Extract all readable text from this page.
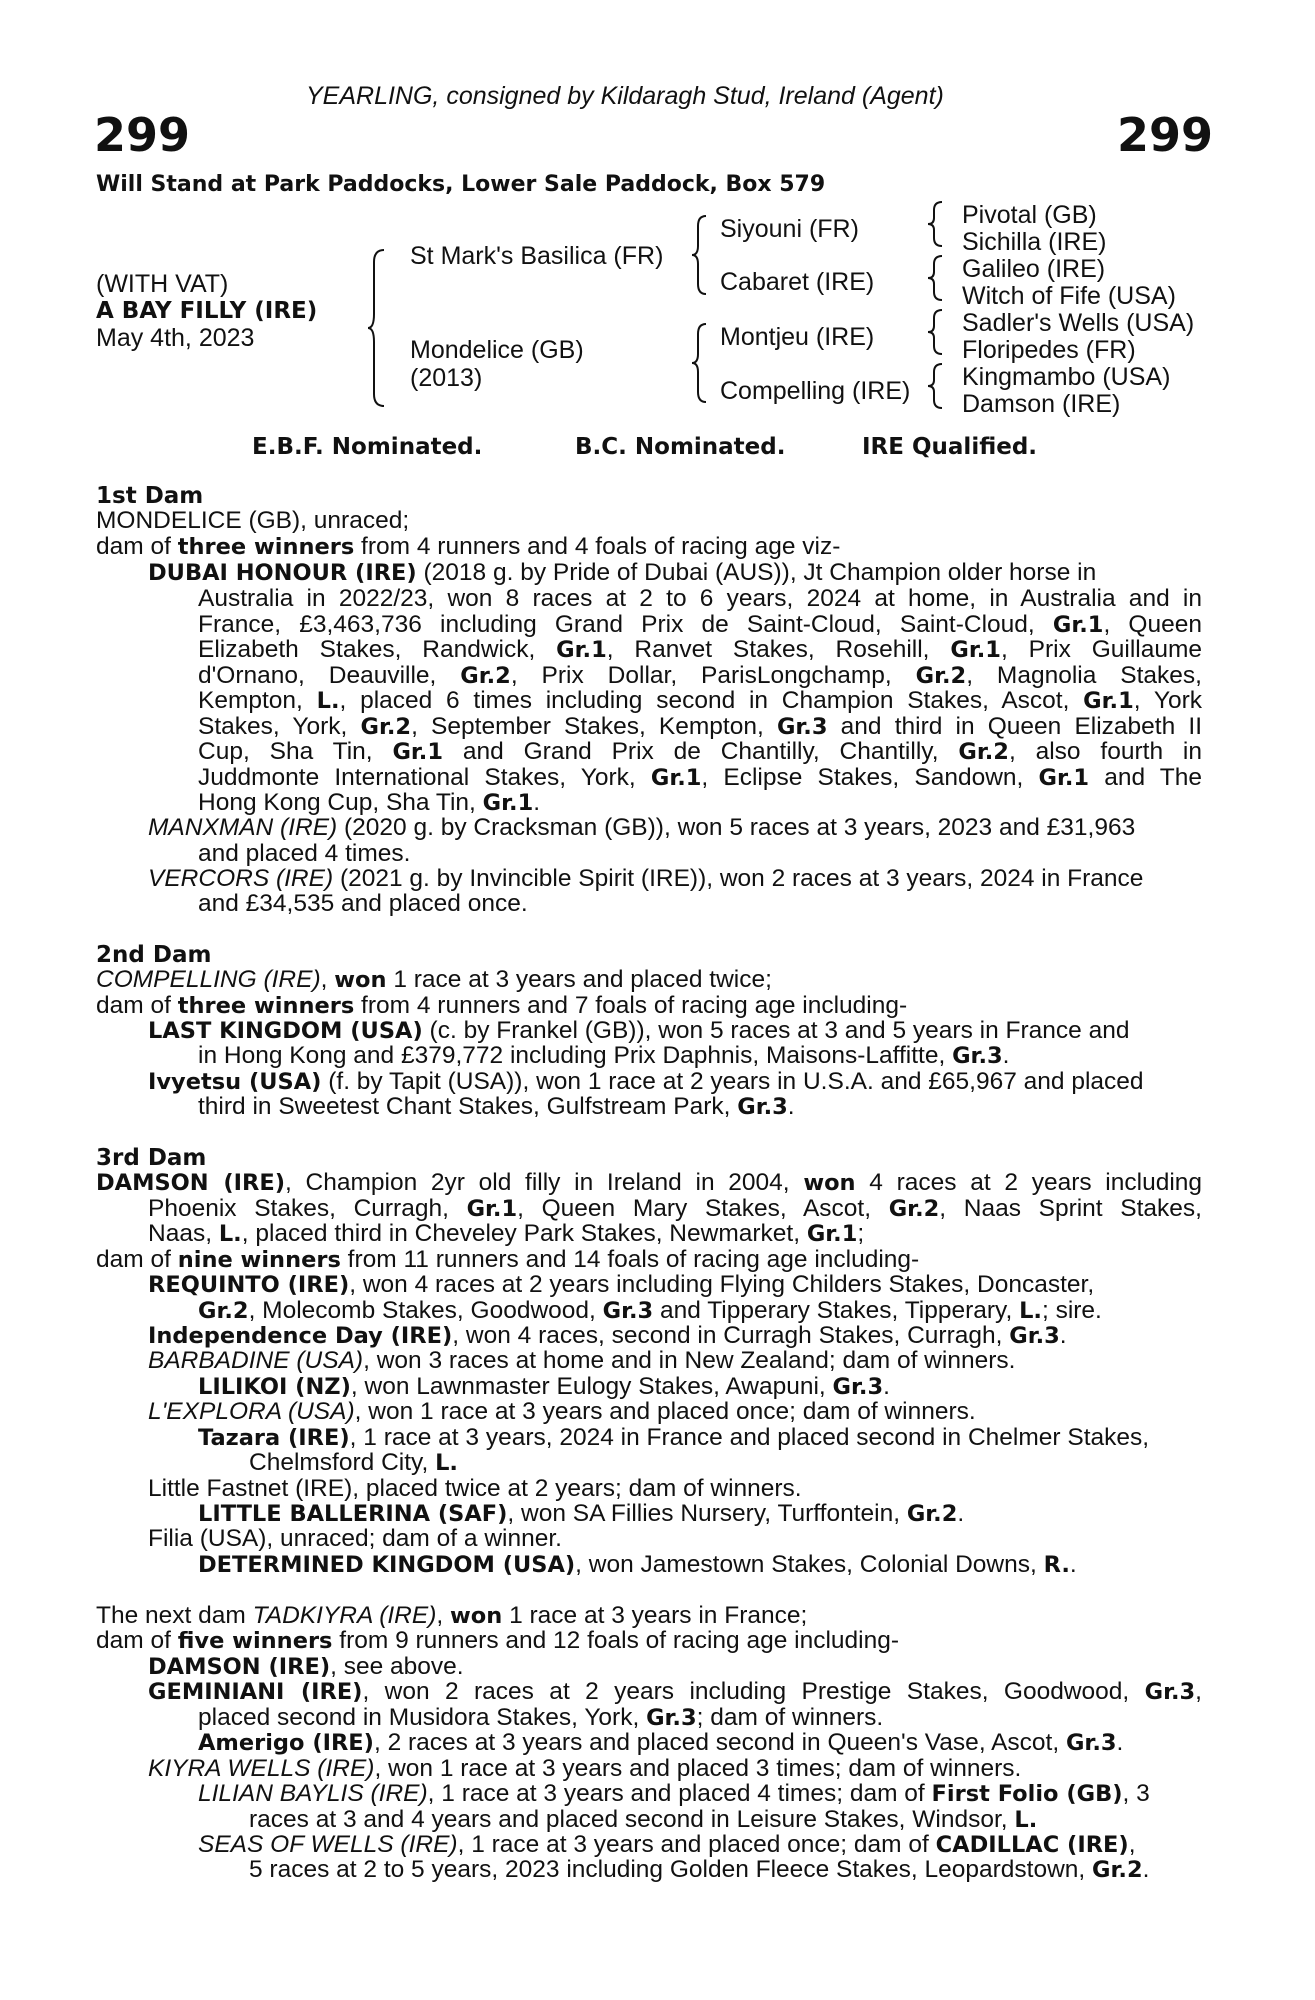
YEARLING, consigned by Kildaragh Stud, Ireland (Agent)
299	299
Will Stand at Park Paddocks, Lower Sale Paddock, Box 579
(WITH VAT)
A BAY FILLY (IRE)
May 4th, 2023
St Mark's Basilica (FR)
Mondelice (GB)
(2013)
Siyouni (FR)
Cabaret (IRE)
Montjeu (IRE)
Compelling (IRE)
Pivotal (GB)
Sichilla (IRE)
Galileo (IRE)
Witch of Fife (USA)
Sadler's Wells (USA)
Floripedes (FR)
Kingmambo (USA)
Damson (IRE)
E.B.F. Nominated.	B.C. Nominated.	IRE Qualified.
1st Dam
MONDELICE (GB), unraced;
dam of three winners from 4 runners and 4 foals of racing age viz-
DUBAI HONOUR (IRE) (2018 g. by Pride of Dubai (AUS)), Jt Champion older horse in
Australia in 2022/23, won 8 races at 2 to 6 years, 2024 at home, in Australia and in
France, £3,463,736 including Grand Prix de Saint-Cloud, Saint-Cloud, Gr.1, Queen
Elizabeth Stakes, Randwick, Gr.1, Ranvet Stakes, Rosehill, Gr.1, Prix Guillaume
d'Ornano, Deauville, Gr.2, Prix Dollar, ParisLongchamp, Gr.2, Magnolia Stakes,
Kempton, L., placed 6 times including second in Champion Stakes, Ascot, Gr.1, York
Stakes, York, Gr.2, September Stakes, Kempton, Gr.3 and third in Queen Elizabeth II
Cup, Sha Tin, Gr.1 and Grand Prix de Chantilly, Chantilly, Gr.2, also fourth in
Juddmonte International Stakes, York, Gr.1, Eclipse Stakes, Sandown, Gr.1 and The
Hong Kong Cup, Sha Tin, Gr.1.
MANXMAN (IRE) (2020 g. by Cracksman (GB)), won 5 races at 3 years, 2023 and £31,963
and placed 4 times.
VERCORS (IRE) (2021 g. by Invincible Spirit (IRE)), won 2 races at 3 years, 2024 in France
and £34,535 and placed once.
2nd Dam
COMPELLING (IRE), won 1 race at 3 years and placed twice;
dam of three winners from 4 runners and 7 foals of racing age including-
LAST KINGDOM (USA) (c. by Frankel (GB)), won 5 races at 3 and 5 years in France and
in Hong Kong and £379,772 including Prix Daphnis, Maisons-Laffitte, Gr.3.
Ivyetsu (USA) (f. by Tapit (USA)), won 1 race at 2 years in U.S.A. and £65,967 and placed
third in Sweetest Chant Stakes, Gulfstream Park, Gr.3.
3rd Dam
DAMSON (IRE), Champion 2yr old filly in Ireland in 2004, won 4 races at 2 years including
Phoenix Stakes, Curragh, Gr.1, Queen Mary Stakes, Ascot, Gr.2, Naas Sprint Stakes,
Naas, L., placed third in Cheveley Park Stakes, Newmarket, Gr.1;
dam of nine winners from 11 runners and 14 foals of racing age including-
REQUINTO (IRE), won 4 races at 2 years including Flying Childers Stakes, Doncaster,
Gr.2, Molecomb Stakes, Goodwood, Gr.3 and Tipperary Stakes, Tipperary, L.; sire.
Independence Day (IRE), won 4 races, second in Curragh Stakes, Curragh, Gr.3.
BARBADINE (USA), won 3 races at home and in New Zealand; dam of winners.
LILIKOI (NZ), won Lawnmaster Eulogy Stakes, Awapuni, Gr.3.
L'EXPLORA (USA), won 1 race at 3 years and placed once; dam of winners.
Tazara (IRE), 1 race at 3 years, 2024 in France and placed second in Chelmer Stakes,
Chelmsford City, L.
Little Fastnet (IRE), placed twice at 2 years; dam of winners.
LITTLE BALLERINA (SAF), won SA Fillies Nursery, Turffontein, Gr.2.
Filia (USA), unraced; dam of a winner.
DETERMINED KINGDOM (USA), won Jamestown Stakes, Colonial Downs, R..
The next dam TADKIYRA (IRE), won 1 race at 3 years in France;
dam of five winners from 9 runners and 12 foals of racing age including-
DAMSON (IRE), see above.
GEMINIANI (IRE), won 2 races at 2 years including Prestige Stakes, Goodwood, Gr.3,
placed second in Musidora Stakes, York, Gr.3; dam of winners.
Amerigo (IRE), 2 races at 3 years and placed second in Queen's Vase, Ascot, Gr.3.
KIYRA WELLS (IRE), won 1 race at 3 years and placed 3 times; dam of winners.
LILIAN BAYLIS (IRE), 1 race at 3 years and placed 4 times; dam of First Folio (GB), 3
races at 3 and 4 years and placed second in Leisure Stakes, Windsor, L.
SEAS OF WELLS (IRE), 1 race at 3 years and placed once; dam of CADILLAC (IRE),
5 races at 2 to 5 years, 2023 including Golden Fleece Stakes, Leopardstown, Gr.2.
